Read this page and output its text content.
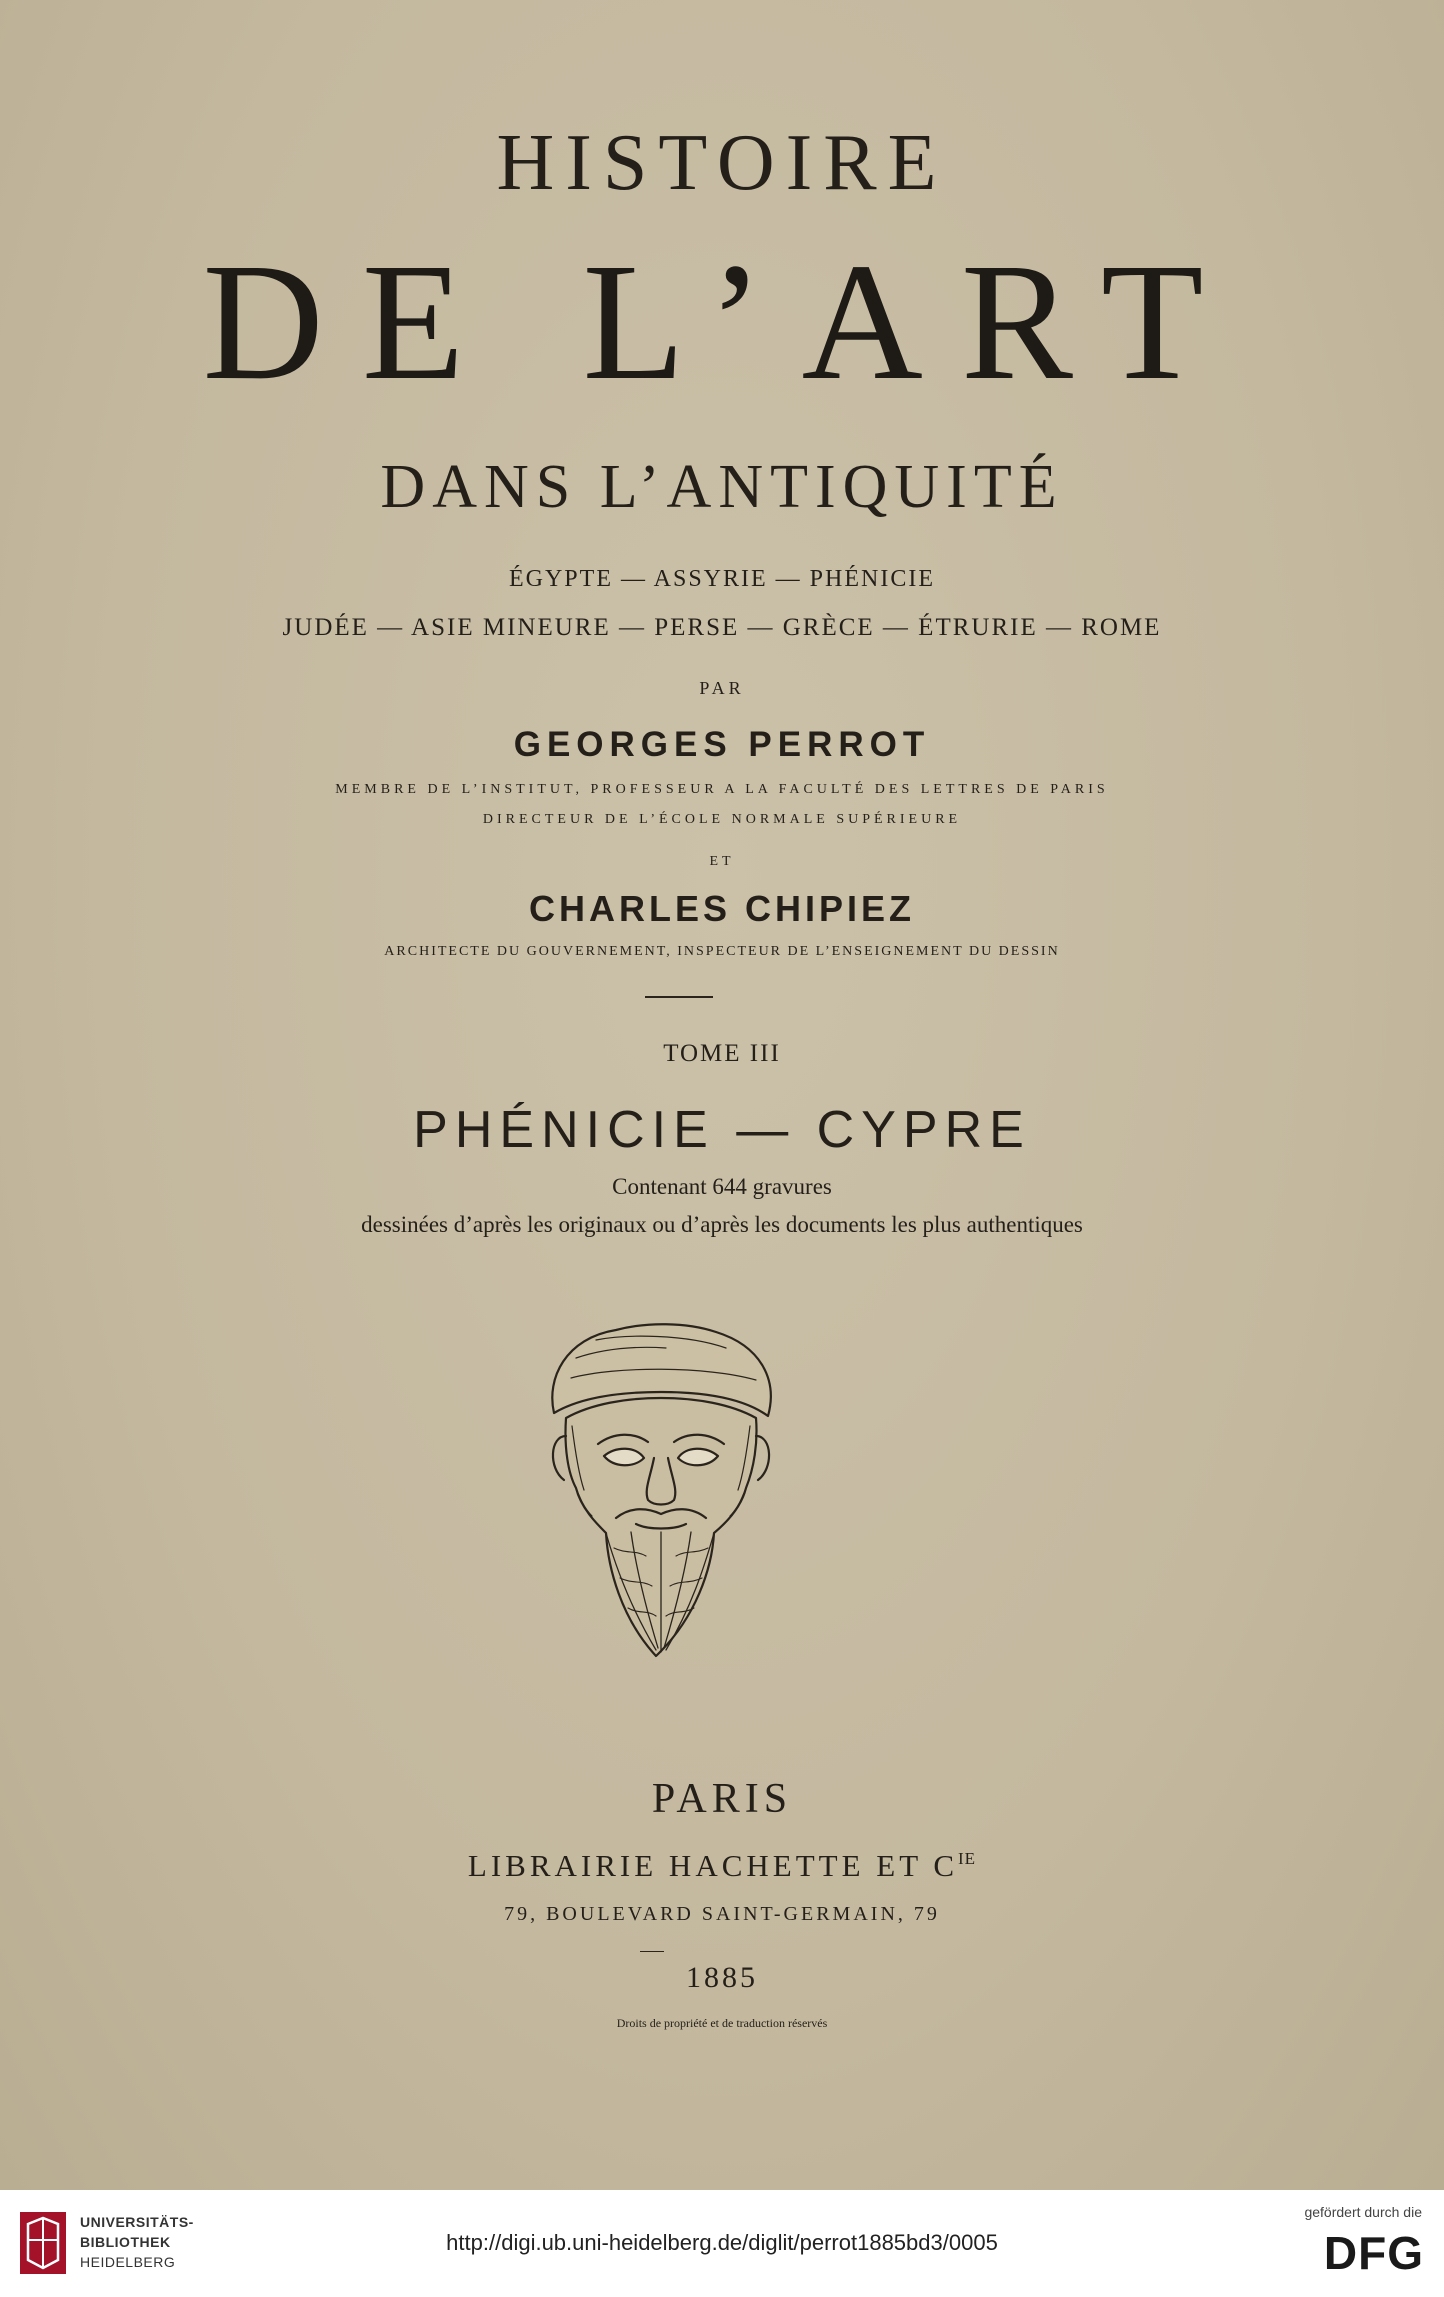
HISTOIRE
DE L’ART
DANS L’ANTIQUITÉ
ÉGYPTE — ASSYRIE — PHÉNICIE
JUDÉE — ASIE MINEURE — PERSE — GRÈCE — ÉTRURIE — ROME
PAR
GEORGES PERROT
MEMBRE DE L’INSTITUT, PROFESSEUR A LA FACULTÉ DES LETTRES DE PARIS
DIRECTEUR DE L’ÉCOLE NORMALE SUPÉRIEURE
ET
CHARLES CHIPIEZ
ARCHITECTE DU GOUVERNEMENT, INSPECTEUR DE L’ENSEIGNEMENT DU DESSIN
TOME III
PHÉNICIE — CYPRE
Contenant 644 gravures
dessinées d’après les originaux ou d’après les documents les plus authentiques
PARIS
LIBRAIRIE HACHETTE ET $C^{IE}$
79, BOULEVARD SAINT-GERMAIN, 79
1885
Droits de propriété et de traduction réservés
UNIVERSITÄTS-
BIBLIOTHEK
HEIDELBERG
http://digi.ub.uni-heidelberg.de/diglit/perrot1885bd3/0005
gefördert durch die
DFG
